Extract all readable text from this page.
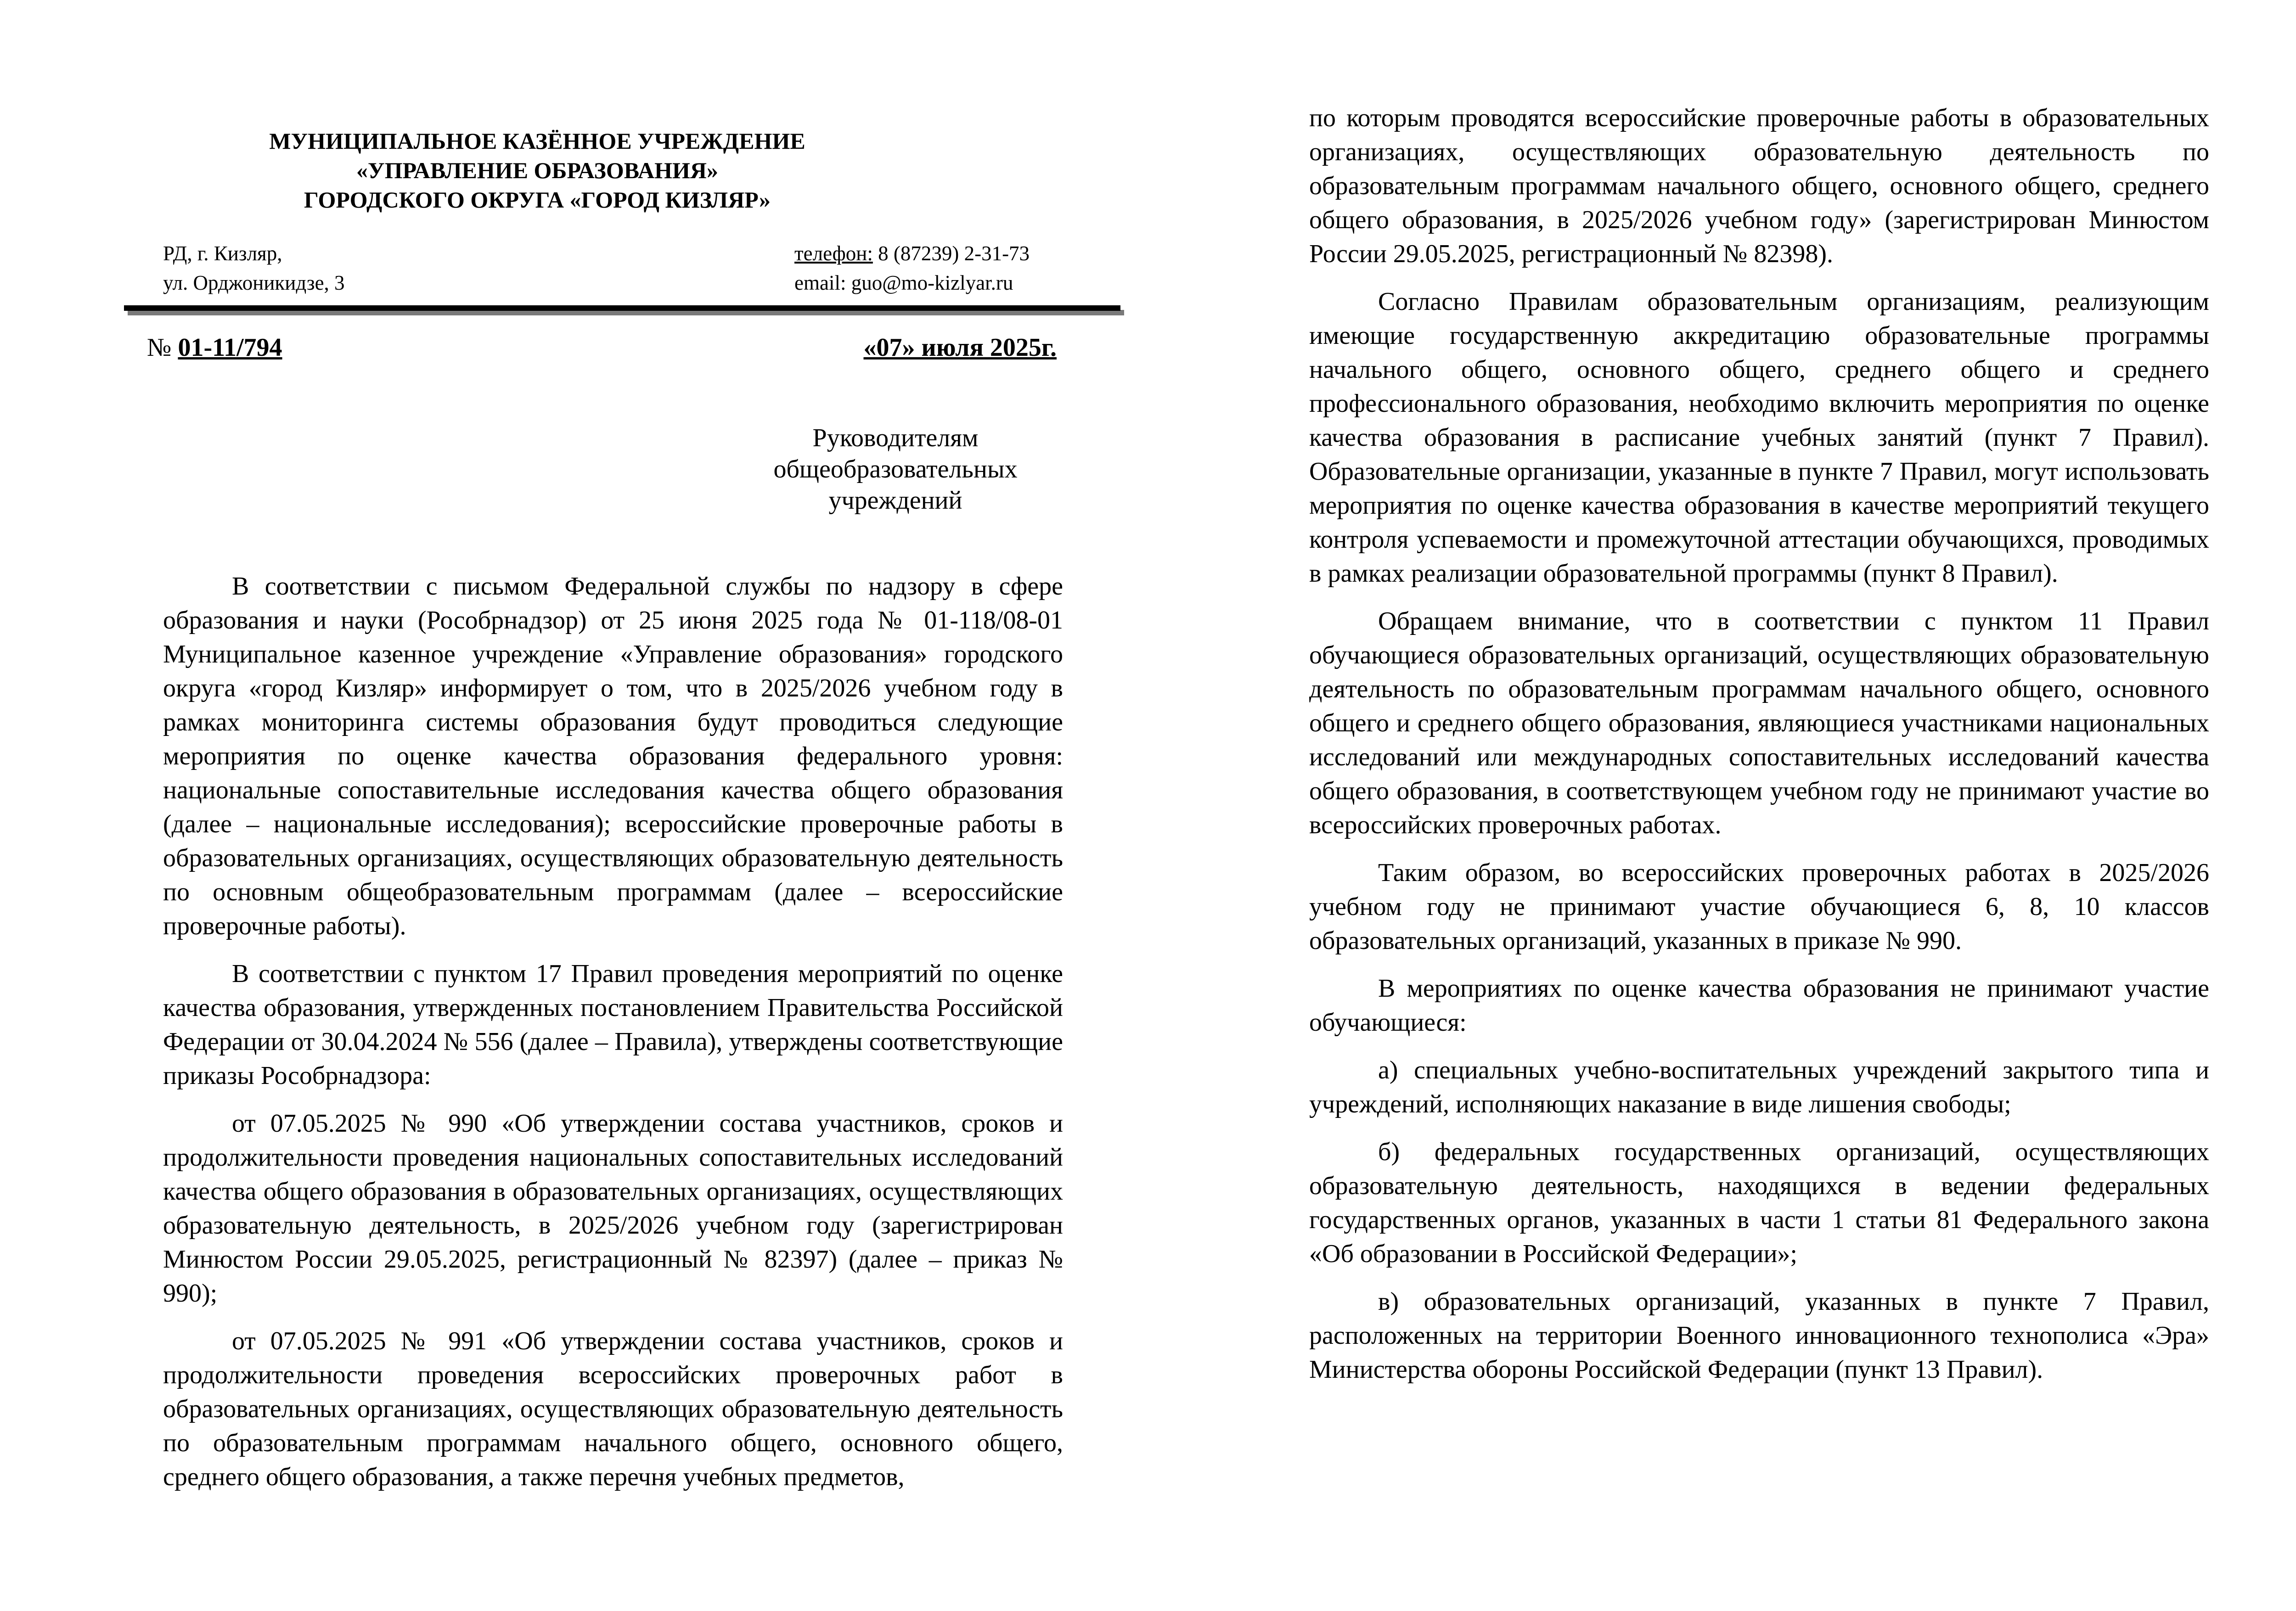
МУНИЦИПАЛЬНОЕ КАЗЁННОЕ УЧРЕЖДЕНИЕ
«УПРАВЛЕНИЕ ОБРАЗОВАНИЯ»
ГОРОДСКОГО ОКРУГА «ГОРОД КИЗЛЯР»

РД, г. Кизляр,
ул. Орджоникидзе, 3
телефон: 8 (87239) 2-31-73
email: guo@mo-kizlyar.ru
№ 01-11/794	«07» июля 2025г.

Руководителям
общеобразовательных
учреждений

В соответствии с письмом Федеральной службы по надзору в сфере образования и науки (Рособрнадзор) от 25 июня 2025 года № 01-118/08-01 Муниципальное казенное учреждение «Управление образования» городского округа «город Кизляр» информирует о том, что в 2025/2026 учебном году в рамках мониторинга системы образования будут проводиться следующие мероприятия по оценке качества образования федерального уровня: национальные сопоставительные исследования качества общего образования (далее – национальные исследования); всероссийские проверочные работы в образовательных организациях, осуществляющих образовательную деятельность по основным общеобразовательным программам (далее – всероссийские проверочные работы).

В соответствии с пунктом 17 Правил проведения мероприятий по оценке качества образования, утвержденных постановлением Правительства Российской Федерации от 30.04.2024 № 556 (далее – Правила), утверждены соответствующие приказы Рособрнадзора:

от 07.05.2025 № 990 «Об утверждении состава участников, сроков и продолжительности проведения национальных сопоставительных исследований качества общего образования в образовательных организациях, осуществляющих образовательную деятельность, в 2025/2026 учебном году (зарегистрирован Минюстом России 29.05.2025, регистрационный № 82397) (далее – приказ № 990);

от 07.05.2025 № 991 «Об утверждении состава участников, сроков и продолжительности проведения всероссийских проверочных работ в образовательных организациях, осуществляющих образовательную деятельность по образовательным программам начального общего, основного общего, среднего общего образования, а также перечня учебных предметов,

по которым проводятся всероссийские проверочные работы в образовательных организациях, осуществляющих образовательную деятельность по образовательным программам начального общего, основного общего, среднего общего образования, в 2025/2026 учебном году» (зарегистрирован Минюстом России 29.05.2025, регистрационный № 82398).

Согласно Правилам образовательным организациям, реализующим имеющие государственную аккредитацию образовательные программы начального общего, основного общего, среднего общего и среднего профессионального образования, необходимо включить мероприятия по оценке качества образования в расписание учебных занятий (пункт 7 Правил). Образовательные организации, указанные в пункте 7 Правил, могут использовать мероприятия по оценке качества образования в качестве мероприятий текущего контроля успеваемости и промежуточной аттестации обучающихся, проводимых в рамках реализации образовательной программы (пункт 8 Правил).

Обращаем внимание, что в соответствии с пунктом 11 Правил обучающиеся образовательных организаций, осуществляющих образовательную деятельность по образовательным программам начального общего, основного общего и среднего общего образования, являющиеся участниками национальных исследований или международных сопоставительных исследований качества общего образования, в соответствующем учебном году не принимают участие во всероссийских проверочных работах.

Таким образом, во всероссийских проверочных работах в 2025/2026 учебном году не принимают участие обучающиеся 6, 8, 10 классов образовательных организаций, указанных в приказе № 990.

В мероприятиях по оценке качества образования не принимают участие обучающиеся:

а) специальных учебно-воспитательных учреждений закрытого типа и учреждений, исполняющих наказание в виде лишения свободы;

б) федеральных государственных организаций, осуществляющих образовательную деятельность, находящихся в ведении федеральных государственных органов, указанных в части 1 статьи 81 Федерального закона «Об образовании в Российской Федерации»;

в) образовательных организаций, указанных в пункте 7 Правил, расположенных на территории Военного инновационного технополиса «Эра» Министерства обороны Российской Федерации (пункт 13 Правил).
